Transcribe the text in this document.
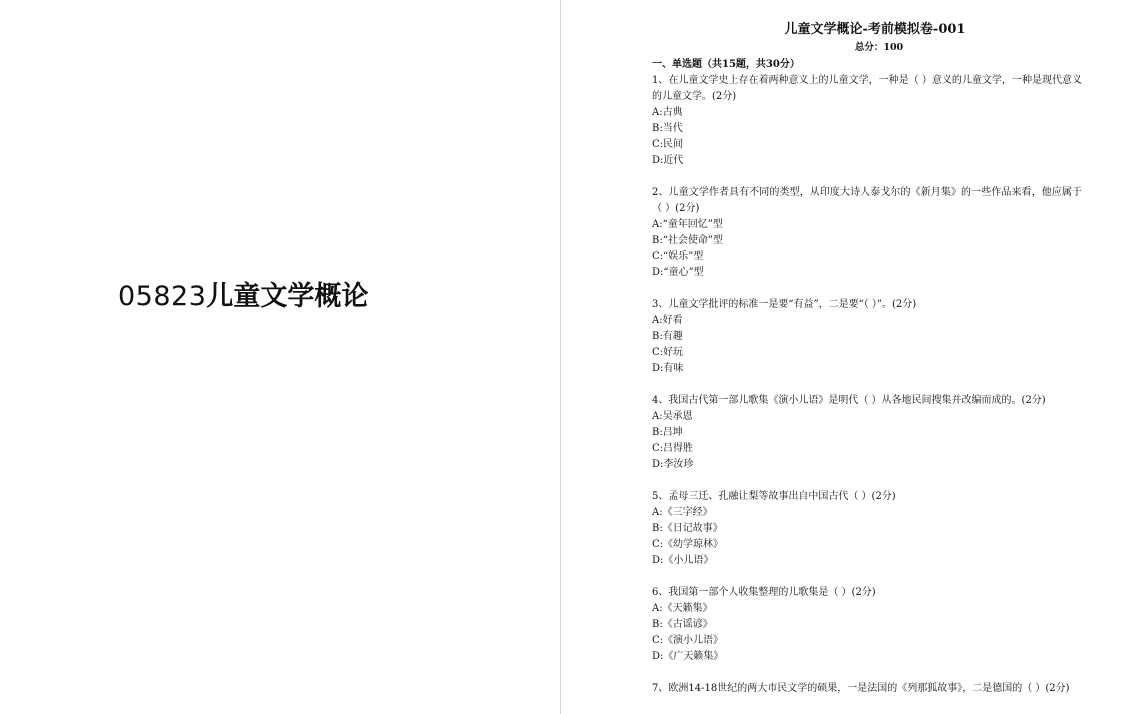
05823儿童文学概论
儿童文学概论-考前模拟卷-001
总分：100
一、单选题（共15题，共30分）
1、在儿童文学史上存在着两种意义上的儿童文学，一种是（ ）意义的儿童文学，一种是现代意义的儿童文学。(2分)
A:古典
B:当代
C:民间
D:近代
2、儿童文学作者具有不同的类型，从印度大诗人泰戈尔的《新月集》的一些作品来看，他应属于（ ）(2分)
A:“童年回忆”型
B:“社会使命”型
C:“娱乐”型
D:“童心”型
3、儿童文学批评的标准一是要“有益”，二是要“（ ）”。(2分)
A:好看
B:有趣
C:好玩
D:有味
4、我国古代第一部儿歌集《演小儿语》是明代（ ）从各地民间搜集并改编而成的。(2分)
A:吴承恩
B:吕坤
C:吕得胜
D:李汝珍
5、孟母三迁、孔融让梨等故事出自中国古代（ ）(2分)
A:《三字经》
B:《日记故事》
C:《幼学琼林》
D:《小儿语》
6、我国第一部个人收集整理的儿歌集是（ ）(2分)
A:《天籁集》
B:《古谣谚》
C:《演小儿语》
D:《广天籁集》
7、欧洲14-18世纪的两大市民文学的硕果，一是法国的《列那狐故事》，二是德国的（ ）(2分)
